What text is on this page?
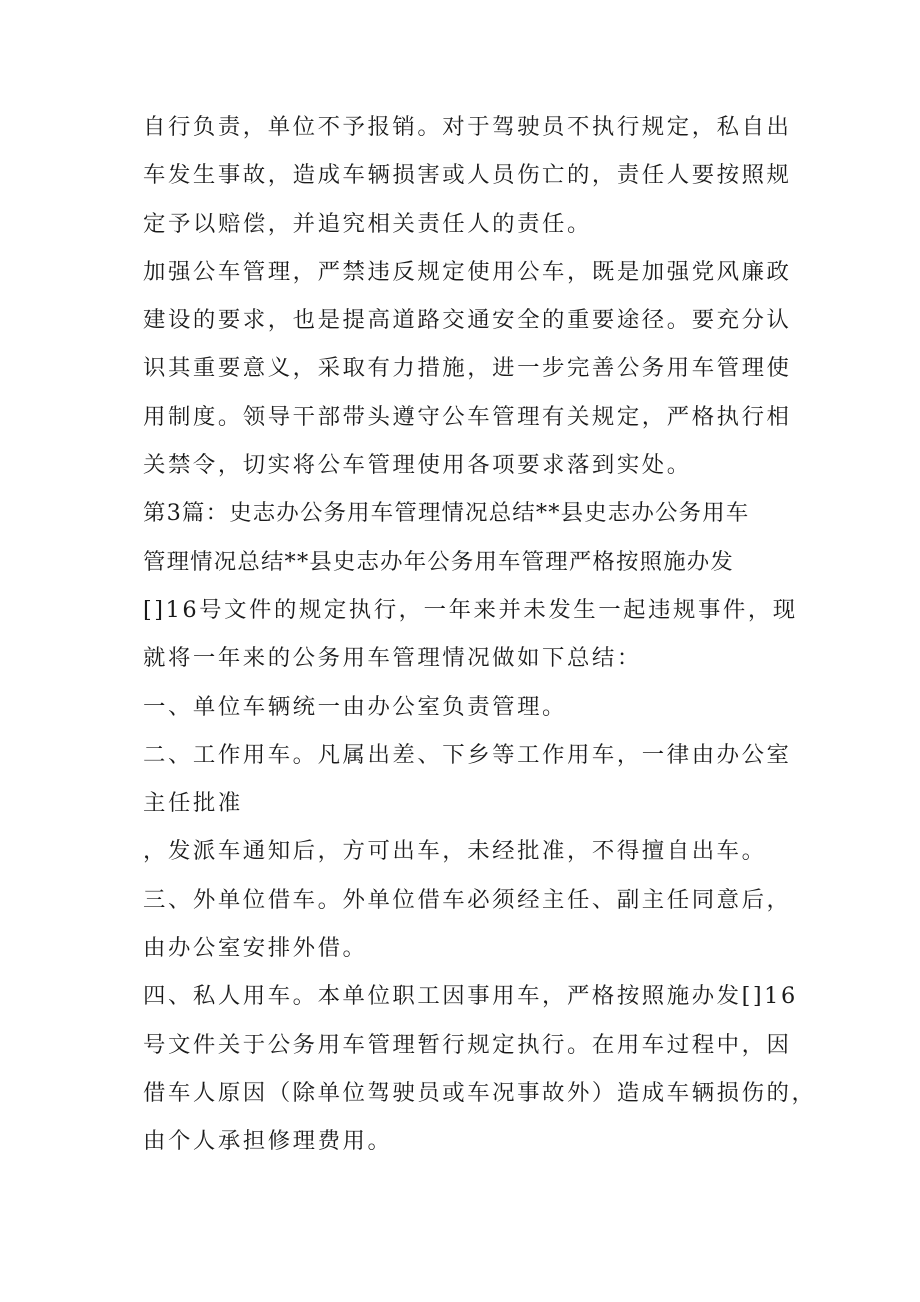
自行负责，单位不予报销。对于驾驶员不执行规定，私自出
车发生事故，造成车辆损害或人员伤亡的，责任人要按照规
定予以赔偿，并追究相关责任人的责任。
加强公车管理，严禁违反规定使用公车，既是加强党风廉政
建设的要求，也是提高道路交通安全的重要途径。要充分认
识其重要意义，采取有力措施，进一步完善公务用车管理使
用制度。领导干部带头遵守公车管理有关规定，严格执行相
关禁令，切实将公车管理使用各项要求落到实处。
第3篇：史志办公务用车管理情况总结**县史志办公务用车
管理情况总结**县史志办年公务用车管理严格按照施办发
[]16号文件的规定执行，一年来并未发生一起违规事件，现
就将一年来的公务用车管理情况做如下总结：
一、单位车辆统一由办公室负责管理。
二、工作用车。凡属出差、下乡等工作用车，一律由办公室
主任批准
，发派车通知后，方可出车，未经批准，不得擅自出车。
三、外单位借车。外单位借车必须经主任、副主任同意后，
由办公室安排外借。
四、私人用车。本单位职工因事用车，严格按照施办发[]16
号文件关于公务用车管理暂行规定执行。在用车过程中，因
借车人原因（除单位驾驶员或车况事故外）造成车辆损伤的，
由个人承担修理费用。
